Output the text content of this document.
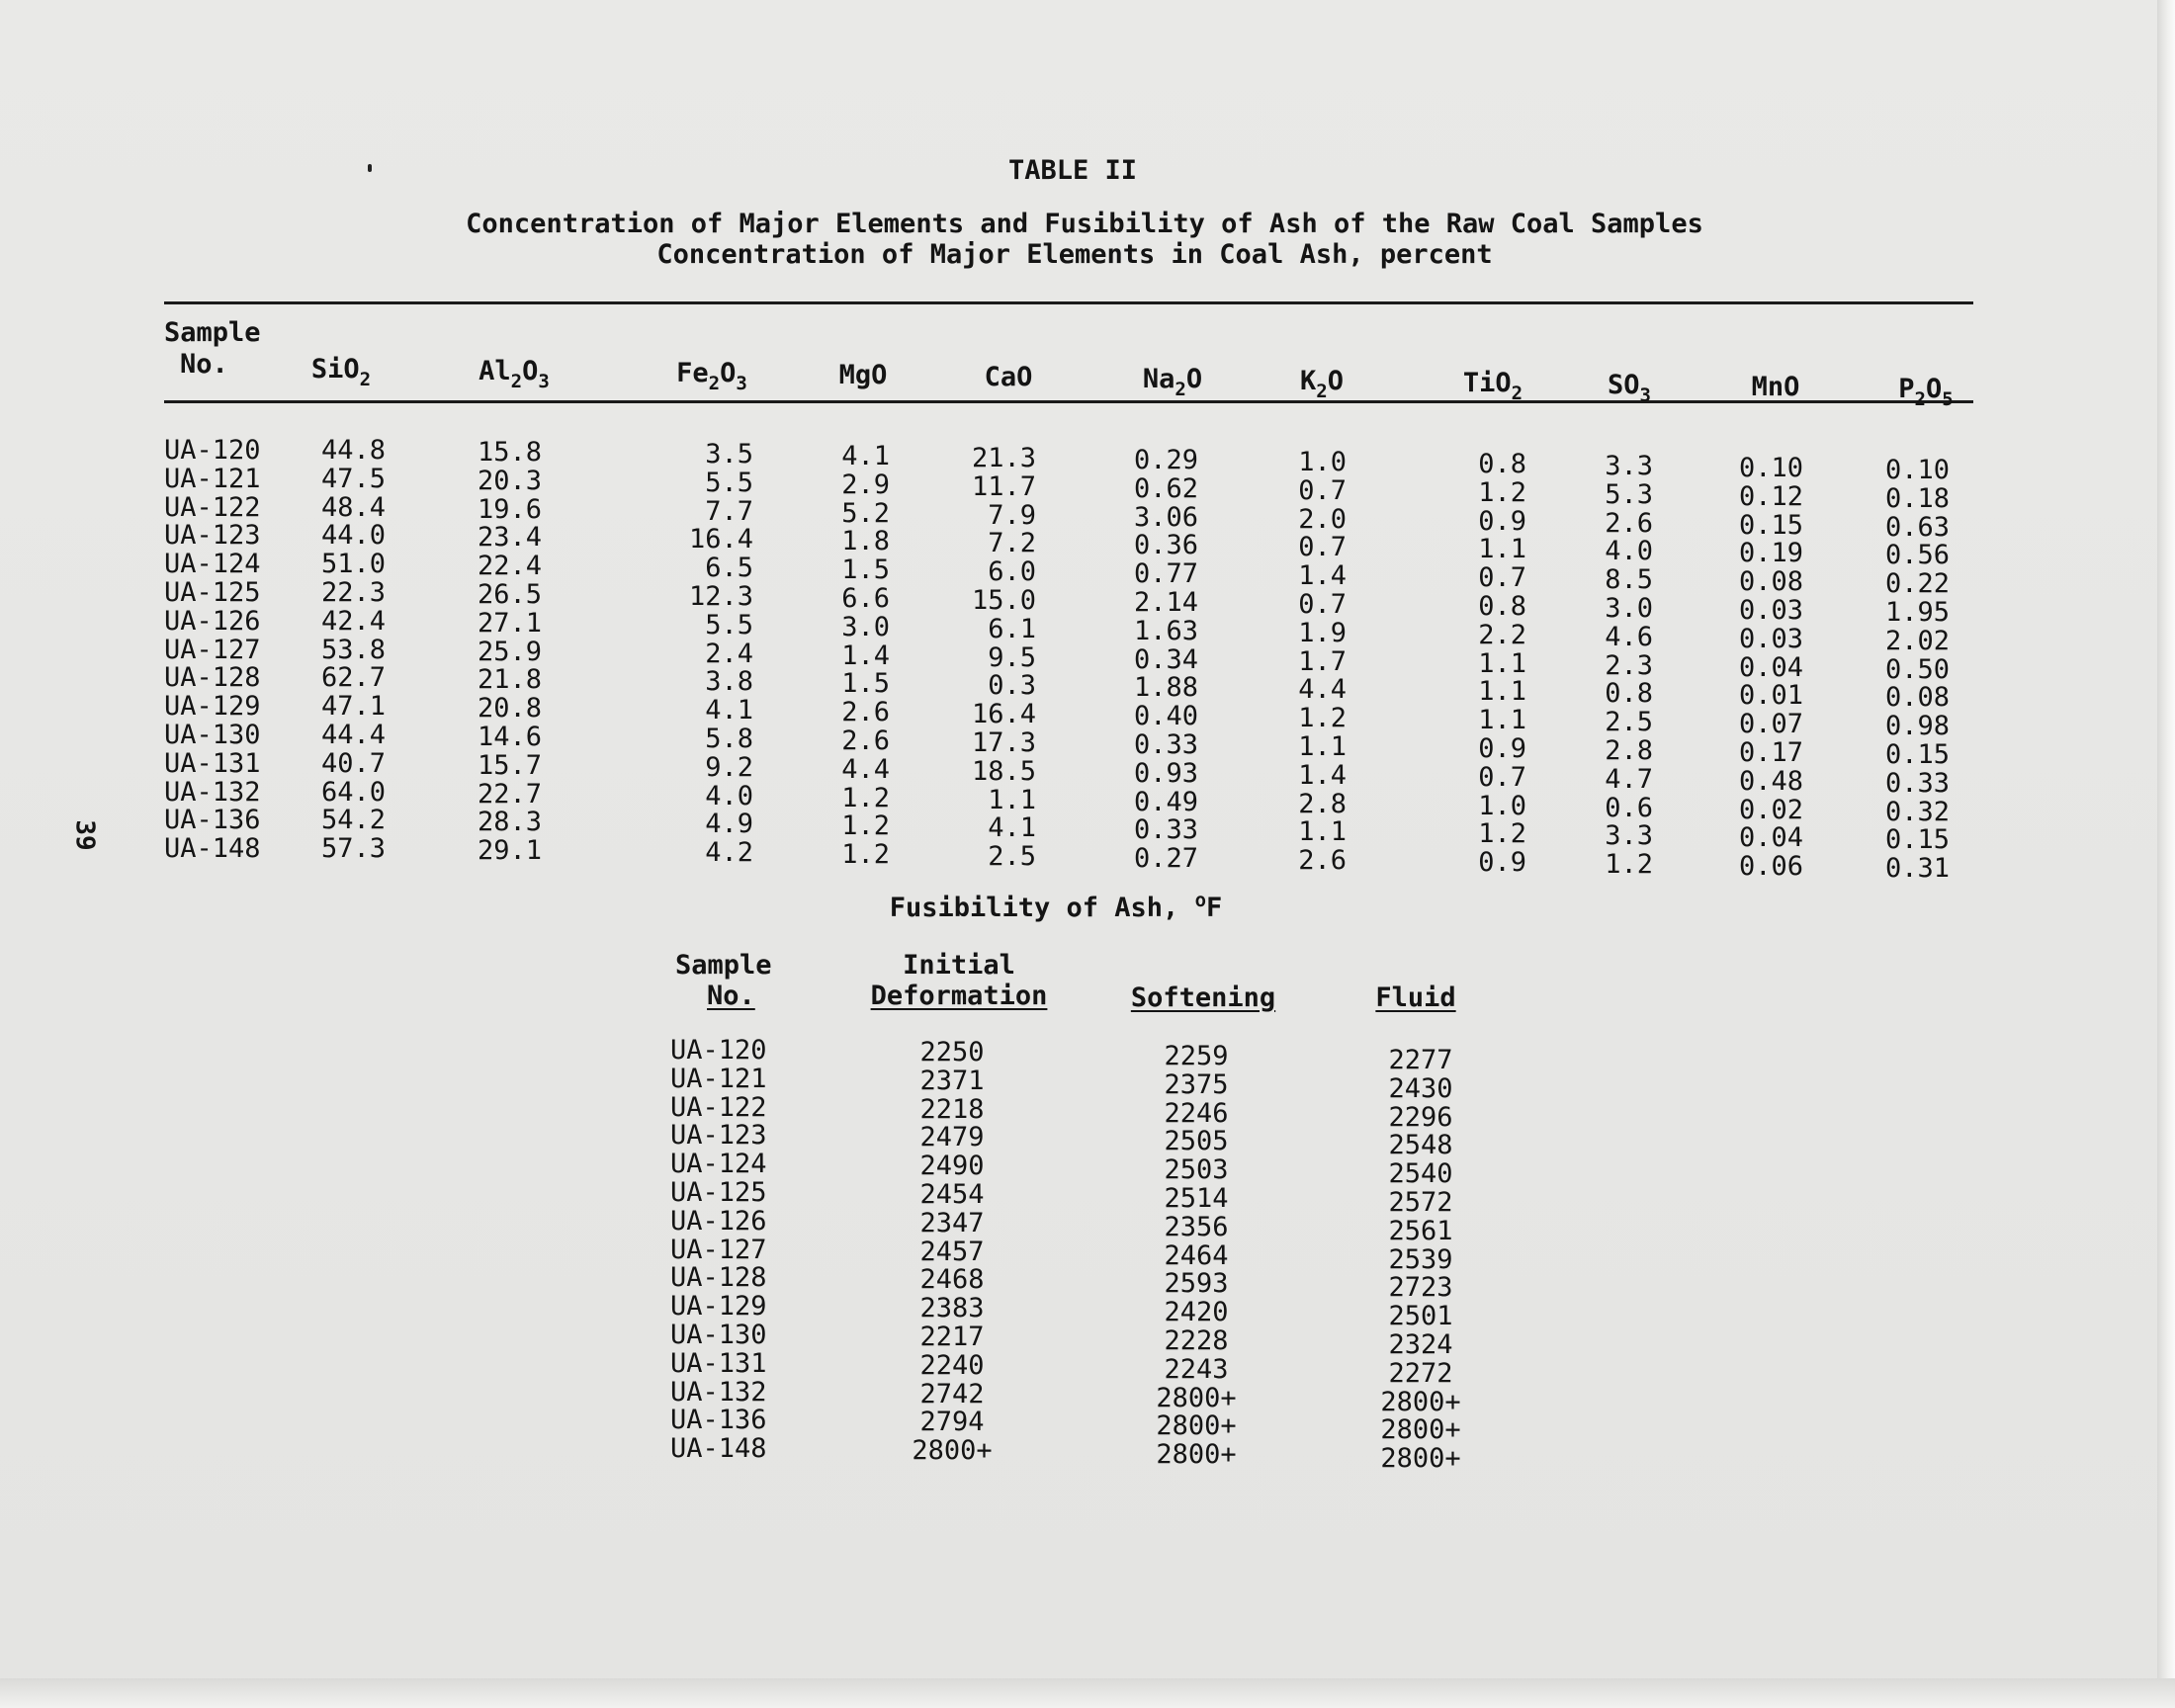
39
TABLE II
Concentration of Major Elements and Fusibility of Ash of the Raw Coal Samples
Concentration of Major Elements in Coal Ash, percent
Sample
No.	SiO$_2$	$Al_2O_3$	$Fe_2O_3$	MgO	CaO	$Na_2O$	$K_2O$	TiO$_2$	$SO_3$	MnO	$P_2O_5$
UA-120	44.8	15.8	3.5	4.1	21.3	0.29	1.0	0.8	3.3	0.10	0.10
UA-121	47.5	20.3	5.5	2.9	11.7	0.62	0.7	1.2	5.3	0.12	0.18
UA-122	48.4	19.6	7.7	5.2	7.9	3.06	2.0	0.9	2.6	0.15	0.63
UA-123	44.0	23.4	16.4	1.8	7.2	0.36	0.7	1.1	4.0	0.19	0.56
UA-124	51.0	22.4	6.5	1.5	6.0	0.77	1.4	0.7	8.5	0.08	0.22
UA-125	22.3	26.5	12.3	6.6	15.0	2.14	0.7	0.8	3.0	0.03	1.95
UA-126	42.4	27.1	5.5	3.0	6.1	1.63	1.9	2.2	4.6	0.03	2.02
UA-127	53.8	25.9	2.4	1.4	9.5	0.34	1.7	1.1	2.3	0.04	0.50
UA-128	62.7	21.8	3.8	1.5	0.3	1.88	4.4	1.1	0.8	0.01	0.08
UA-129	47.1	20.8	4.1	2.6	16.4	0.40	1.2	1.1	2.5	0.07	0.98
UA-130	44.4	14.6	5.8	2.6	17.3	0.33	1.1	0.9	2.8	0.17	0.15
UA-131	40.7	15.7	9.2	4.4	18.5	0.93	1.4	0.7	4.7	0.48	0.33
UA-132	64.0	22.7	4.0	1.2	1.1	0.49	2.8	1.0	0.6	0.02	0.32
UA-136	54.2	28.3	4.9	1.2	4.1	0.33	1.1	1.2	3.3	0.04	0.15
UA-148	57.3	29.1	4.2	1.2	2.5	0.27	2.6	0.9	1.2	0.06	0.31
Fusibility of Ash, $^o$F
Sample
No.
Initial
Deformation	Softening	Fluid
UA-120	2250	2259	2277
UA-121	2371	2375	2430
UA-122	2218	2246	2296
UA-123	2479	2505	2548
UA-124	2490	2503	2540
UA-125	2454	2514	2572
UA-126	2347	2356	2561
UA-127	2457	2464	2539
UA-128	2468	2593	2723
UA-129	2383	2420	2501
UA-130	2217	2228	2324
UA-131	2240	2243	2272
UA-132	2742	2800+	2800+
UA-136	2794	2800+	2800+
UA-148	2800+	2800+	2800+
